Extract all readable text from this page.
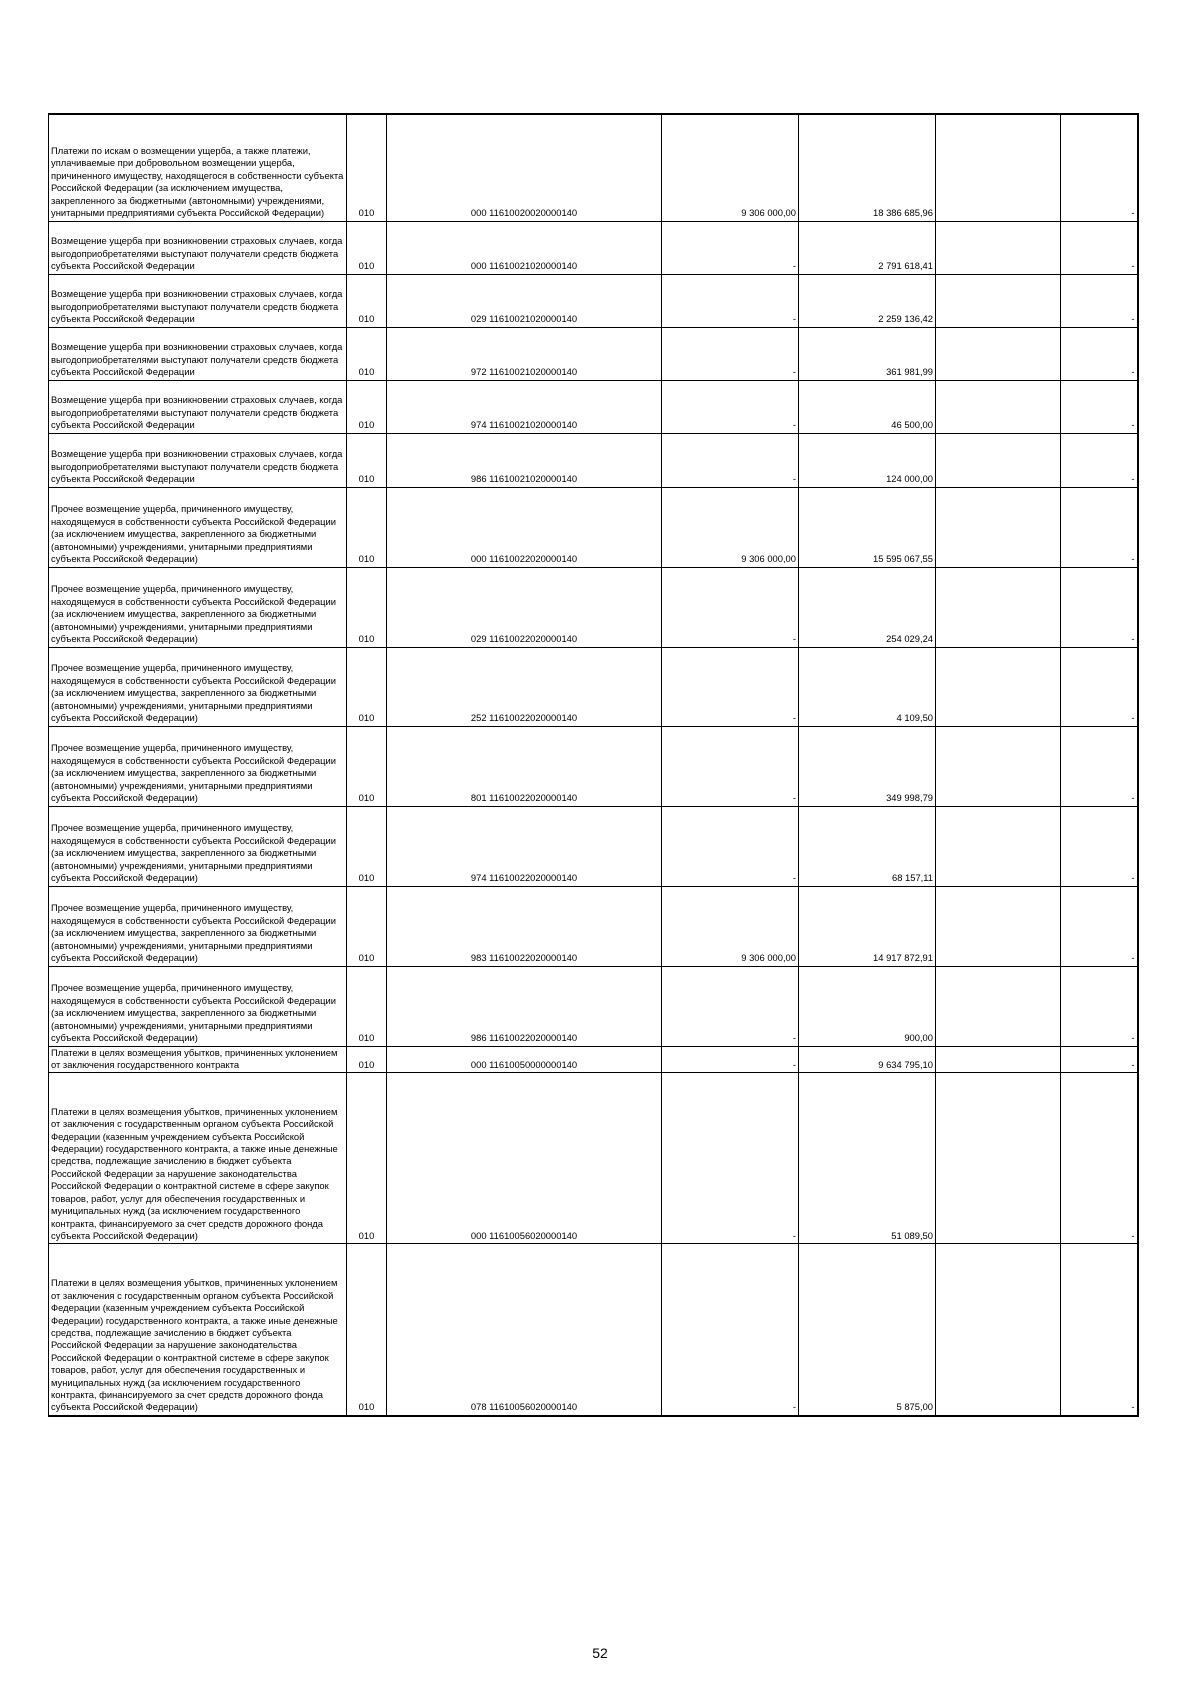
Платежи по искам о возмещении ущерба, а также платежи, уплачиваемые при добровольном возмещении ущерба, причиненного имуществу, находящегося в собственности субъекта Российской Федерации (за исключением имущества, закрепленного за бюджетными (автономными) учреждениями, унитарными предприятиями субъекта Российской Федерации)	010	000 11610020020000140	9 306 000,00	18 386 685,96		-
Возмещение ущерба при возникновении страховых случаев, когда выгодоприобретателями выступают получатели средств бюджета субъекта Российской Федерации	010	000 11610021020000140	-	2 791 618,41		-
Возмещение ущерба при возникновении страховых случаев, когда выгодоприобретателями выступают получатели средств бюджета субъекта Российской Федерации	010	029 11610021020000140	-	2 259 136,42		-
Возмещение ущерба при возникновении страховых случаев, когда выгодоприобретателями выступают получатели средств бюджета субъекта Российской Федерации	010	972 11610021020000140	-	361 981,99		-
Возмещение ущерба при возникновении страховых случаев, когда выгодоприобретателями выступают получатели средств бюджета субъекта Российской Федерации	010	974 11610021020000140	-	46 500,00		-
Возмещение ущерба при возникновении страховых случаев, когда выгодоприобретателями выступают получатели средств бюджета субъекта Российской Федерации	010	986 11610021020000140	-	124 000,00		-
Прочее возмещение ущерба, причиненного имуществу, находящемуся в собственности субъекта Российской Федерации (за исключением имущества, закрепленного за бюджетными (автономными) учреждениями, унитарными предприятиями субъекта Российской Федерации)	010	000 11610022020000140	9 306 000,00	15 595 067,55		-
Прочее возмещение ущерба, причиненного имуществу, находящемуся в собственности субъекта Российской Федерации (за исключением имущества, закрепленного за бюджетными (автономными) учреждениями, унитарными предприятиями субъекта Российской Федерации)	010	029 11610022020000140	-	254 029,24		-
Прочее возмещение ущерба, причиненного имуществу, находящемуся в собственности субъекта Российской Федерации (за исключением имущества, закрепленного за бюджетными (автономными) учреждениями, унитарными предприятиями субъекта Российской Федерации)	010	252 11610022020000140	-	4 109,50		-
Прочее возмещение ущерба, причиненного имуществу, находящемуся в собственности субъекта Российской Федерации (за исключением имущества, закрепленного за бюджетными (автономными) учреждениями, унитарными предприятиями субъекта Российской Федерации)	010	801 11610022020000140	-	349 998,79		-
Прочее возмещение ущерба, причиненного имуществу, находящемуся в собственности субъекта Российской Федерации (за исключением имущества, закрепленного за бюджетными (автономными) учреждениями, унитарными предприятиями субъекта Российской Федерации)	010	974 11610022020000140	-	68 157,11		-
Прочее возмещение ущерба, причиненного имуществу, находящемуся в собственности субъекта Российской Федерации (за исключением имущества, закрепленного за бюджетными (автономными) учреждениями, унитарными предприятиями субъекта Российской Федерации)	010	983 11610022020000140	9 306 000,00	14 917 872,91		-
Прочее возмещение ущерба, причиненного имуществу, находящемуся в собственности субъекта Российской Федерации (за исключением имущества, закрепленного за бюджетными (автономными) учреждениями, унитарными предприятиями субъекта Российской Федерации)	010	986 11610022020000140	-	900,00		-
Платежи в целях возмещения убытков, причиненных уклонением от заключения государственного контракта	010	000 11610050000000140	-	9 634 795,10		-
Платежи в целях возмещения убытков, причиненных уклонением от заключения с государственным органом субъекта Российской Федерации (казенным учреждением субъекта Российской Федерации) государственного контракта, а также иные денежные средства, подлежащие зачислению в бюджет субъекта Российской Федерации за нарушение законодательства Российской Федерации о контрактной системе в сфере закупок товаров, работ, услуг для обеспечения государственных и муниципальных нужд (за исключением государственного контракта, финансируемого за счет средств дорожного фонда субъекта Российской Федерации)	010	000 11610056020000140	-	51 089,50		-
Платежи в целях возмещения убытков, причиненных уклонением от заключения с государственным органом субъекта Российской Федерации (казенным учреждением субъекта Российской Федерации) государственного контракта, а также иные денежные средства, подлежащие зачислению в бюджет субъекта Российской Федерации за нарушение законодательства Российской Федерации о контрактной системе в сфере закупок товаров, работ, услуг для обеспечения государственных и муниципальных нужд (за исключением государственного контракта, финансируемого за счет средств дорожного фонда субъекта Российской Федерации)	010	078 11610056020000140	-	5 875,00		-
52
